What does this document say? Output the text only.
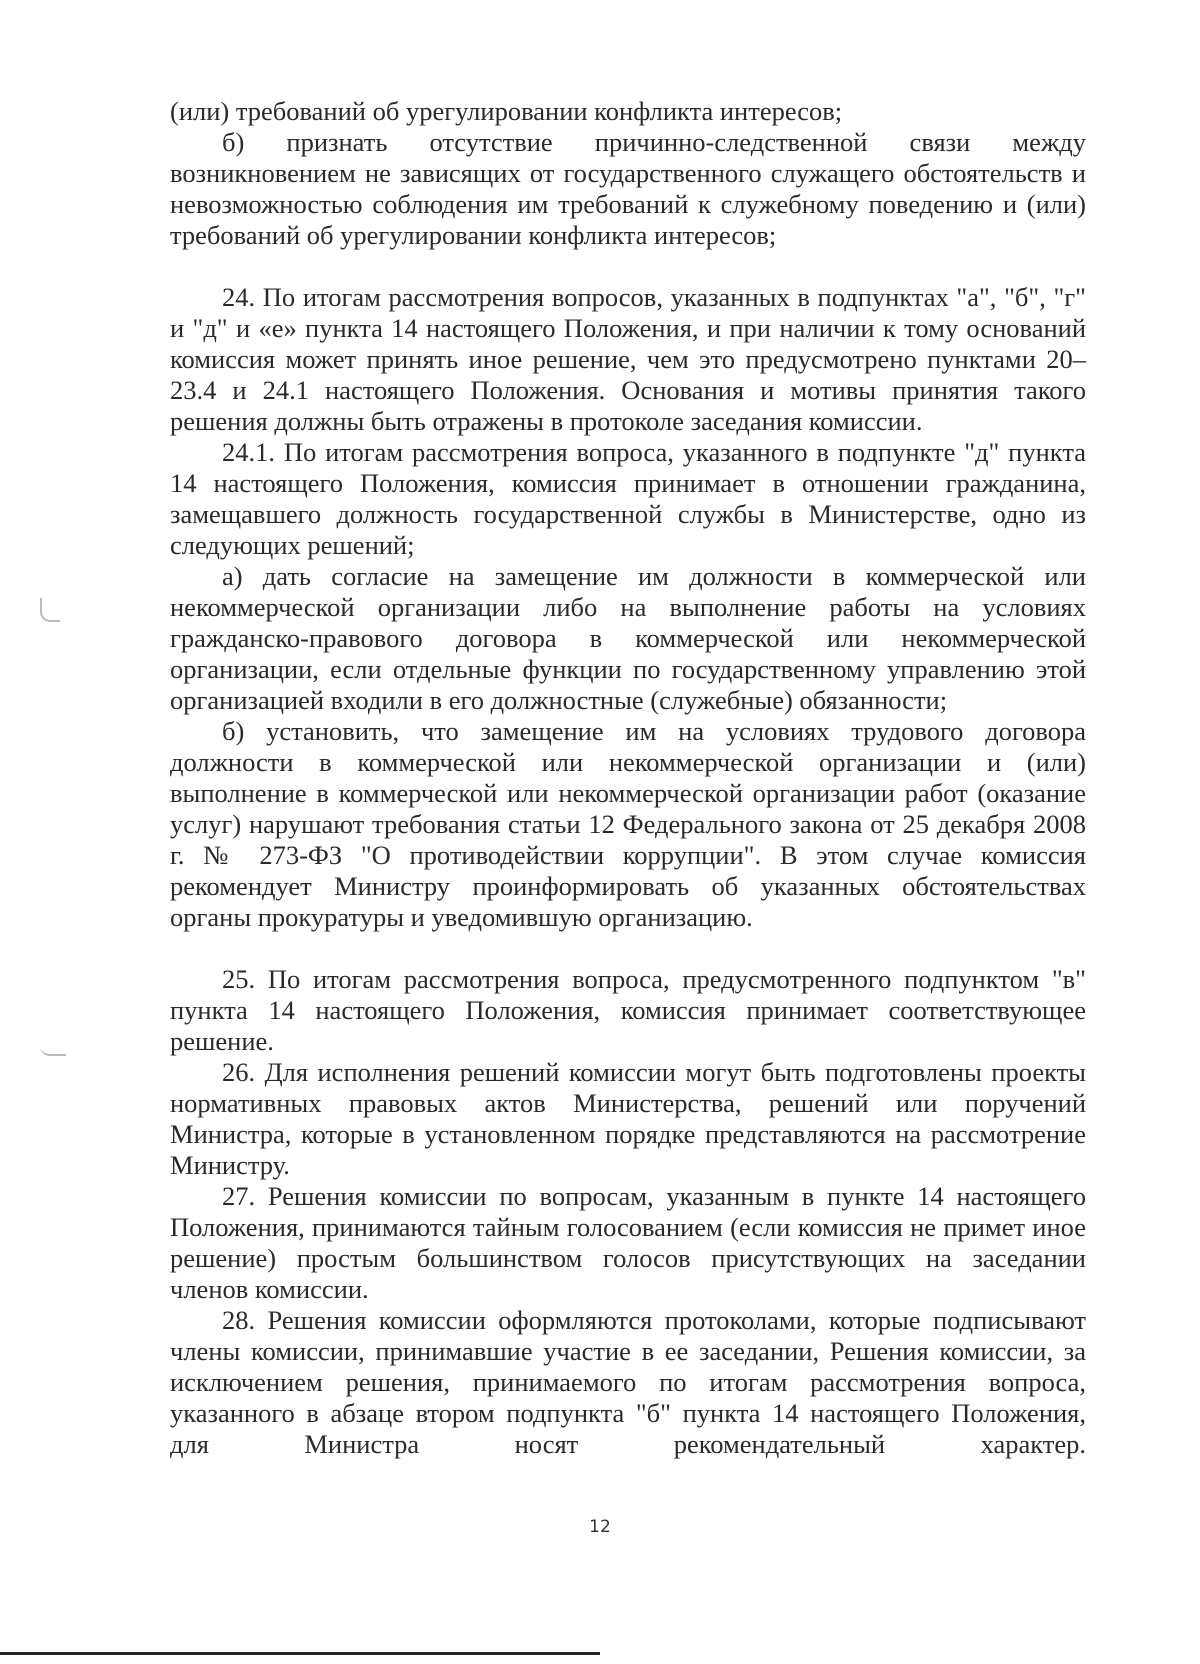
(или) требований об урегулировании конфликта интересов;

б) признать отсутствие причинно-следственной связи между возникновением не зависящих от государственного служащего обстоятельств и невозможностью соблюдения им требований к служебному поведению и (или) требований об урегулировании конфликта интересов;

24. По итогам рассмотрения вопросов, указанных в подпунктах "а", "б", "г" и "д" и «е» пункта 14 настоящего Положения, и при наличии к тому оснований комиссия может принять иное решение, чем это предусмотрено пунктами 20–23.4 и 24.1 настоящего Положения. Основания и мотивы принятия такого решения должны быть отражены в протоколе заседания комиссии.

24.1. По итогам рассмотрения вопроса, указанного в подпункте "д" пункта 14 настоящего Положения, комиссия принимает в отношении гражданина, замещавшего должность государственной службы в Министерстве, одно из следующих решений;

а) дать согласие на замещение им должности в коммерческой или некоммерческой организации либо на выполнение работы на условиях гражданско-правового договора в коммерческой или некоммерческой организации, если отдельные функции по государственному управлению этой организацией входили в его должностные (служебные) обязанности;

б) установить, что замещение им на условиях трудового договора должности в коммерческой или некоммерческой организации и (или) выполнение в коммерческой или некоммерческой организации работ (оказание услуг) нарушают требования статьи 12 Федерального закона от 25 декабря 2008 г. № 273-ФЗ "О противодействии коррупции". В этом случае комиссия рекомендует Министру проинформировать об указанных обстоятельствах органы прокуратуры и уведомившую организацию.

25. По итогам рассмотрения вопроса, предусмотренного подпунктом "в" пункта 14 настоящего Положения, комиссия принимает соответствующее решение.

26. Для исполнения решений комиссии могут быть подготовлены проекты нормативных правовых актов Министерства, решений или поручений Министра, которые в установленном порядке представляются на рассмотрение Министру.

27. Решения комиссии по вопросам, указанным в пункте 14 настоящего Положения, принимаются тайным голосованием (если комиссия не примет иное решение) простым большинством голосов присутствующих на заседании членов комиссии.

28. Решения комиссии оформляются протоколами, которые подписывают члены комиссии, принимавшие участие в ее заседании, Решения комиссии, за исключением решения, принимаемого по итогам рассмотрения вопроса, указанного в абзаце втором подпункта "б" пункта 14 настоящего Положения, для Министра носят рекомендательный характер.

12
